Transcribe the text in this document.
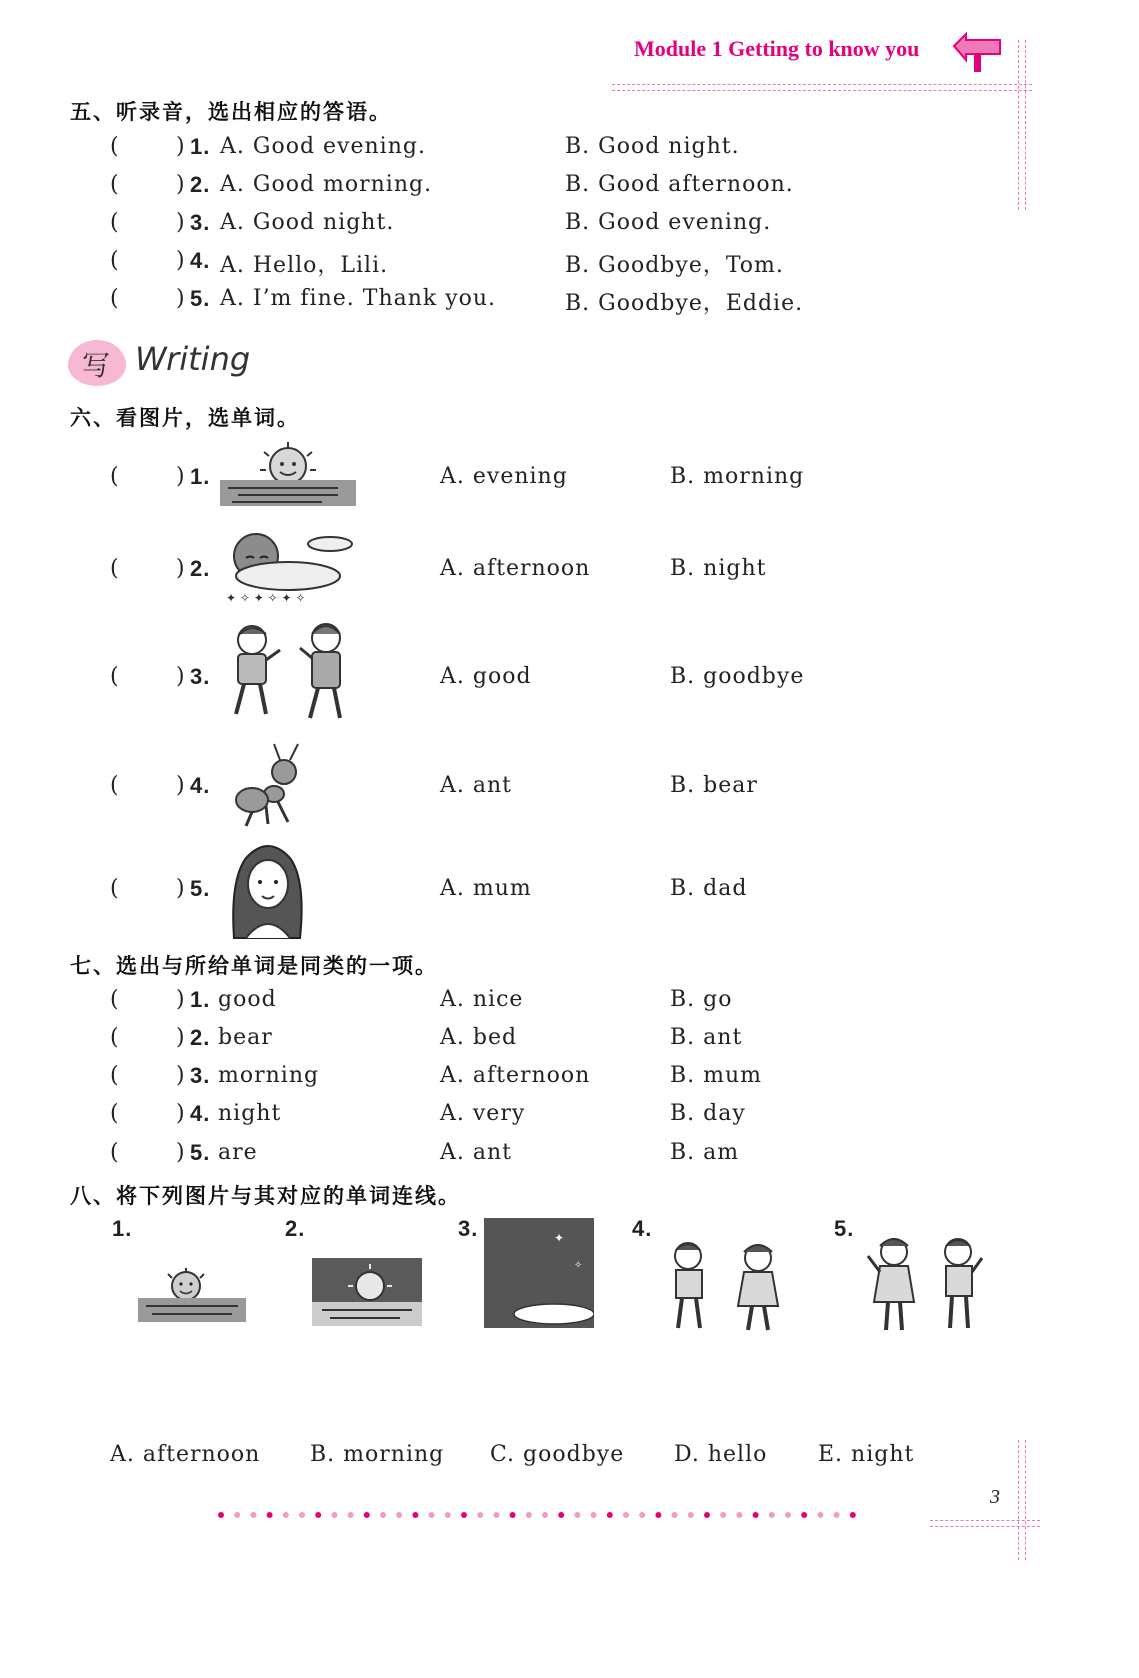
Module 1 Getting to know you
五、听录音，选出相应的答语。
(	) 1. A. Good evening.	B. Good night.
(	) 2. A. Good morning.	B. Good afternoon.
(	) 3. A. Good night.	B. Good evening.
(	) 4. A. Hello，Lili.	B. Goodbye，Tom.
(	) 5. A. I’m fine. Thank you.	B. Goodbye，Eddie.
写 Writing
六、看图片，选单词。
(	) 1.	A. evening	B. morning
(	) 2.	A. afternoon	B. night
(	) 3.	A. good	B. goodbye
(	) 4.	A. ant	B. bear
(	) 5.	A. mum	B. dad
✦ ✧ ✦ ✧ ✦ ✧
七、选出与所给单词是同类的一项。
(	) 1. good	A. nice	B. go
(	) 2. bear	A. bed	B. ant
(	) 3. morning	A. afternoon	B. mum
(	) 4. night	A. very	B. day
(	) 5. are	A. ant	B. am
八、将下列图片与其对应的单词连线。
1.	2.	3.	4.	5.
✦
✧
A. afternoon B. morning C. goodbye D. hello E. night
3
